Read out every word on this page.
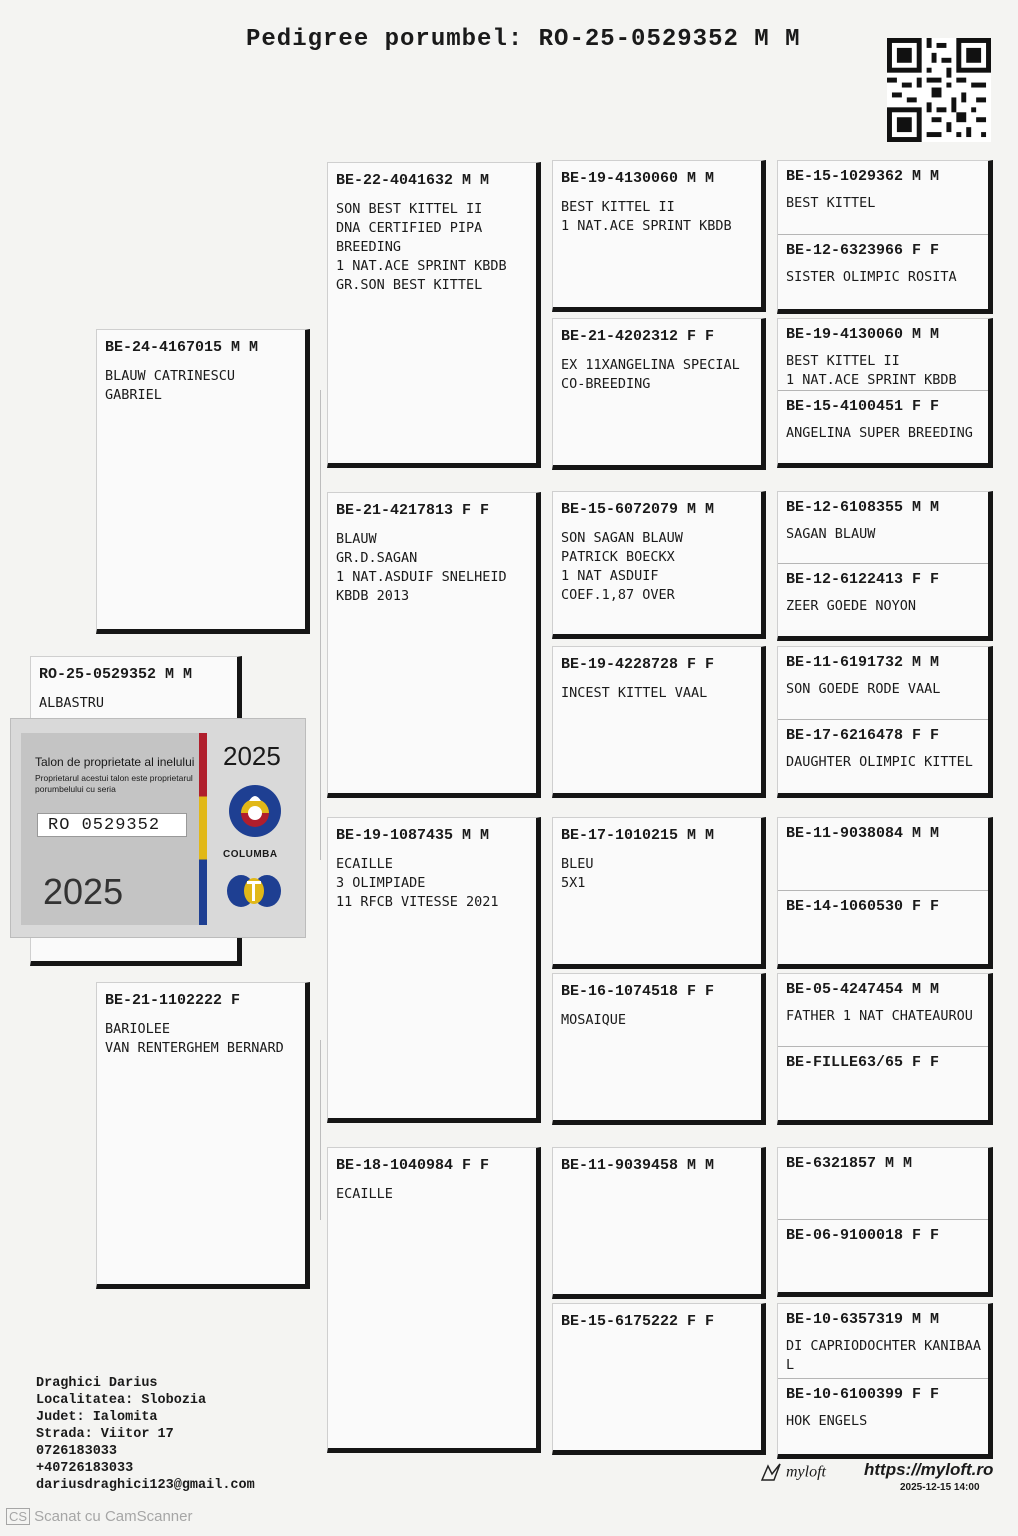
Pedigree porumbel: RO-25-0529352 M M
RO-25-0529352 M M
ALBASTRU
Talon de proprietate al inelului
Proprietarul acestui talon este proprietarul porumbelului cu seria
RO 0529352
2025
2025
COLUMBA
BE-24-4167015 M M
BLAUW CATRINESCU GABRIEL
BE-21-1102222 F
BARIOLEE
VAN RENTERGHEM BERNARD
BE-22-4041632 M M
SON BEST KITTEL II
DNA CERTIFIED PIPA
BREEDING
1 NAT.ACE SPRINT KBDB
GR.SON BEST KITTEL
BE-21-4217813 F F
BLAUW
GR.D.SAGAN
1 NAT.ASDUIF SNELHEID
KBDB 2013
BE-19-1087435 M M
ECAILLE
3 OLIMPIADE
11 RFCB VITESSE 2021
BE-18-1040984 F F
ECAILLE
BE-19-4130060 M M
BEST KITTEL II
1 NAT.ACE SPRINT KBDB
BE-21-4202312 F F
EX 11XANGELINA SPECIAL
CO-BREEDING
BE-15-6072079 M M
SON SAGAN BLAUW
PATRICK BOECKX
1 NAT ASDUIF
COEF.1,87 OVER
BE-19-4228728 F F
INCEST KITTEL VAAL
BE-17-1010215 M M
BLEU
5X1
BE-16-1074518 F F
MOSAIQUE
BE-11-9039458 M M
BE-15-6175222 F F
BE-15-1029362 M M
BEST KITTEL
BE-12-6323966 F F
SISTER OLIMPIC ROSITA
BE-19-4130060 M M
BEST KITTEL II
1 NAT.ACE SPRINT KBDB
BE-15-4100451 F F
ANGELINA SUPER BREEDING
BE-12-6108355 M M
SAGAN BLAUW
BE-12-6122413 F F
ZEER GOEDE NOYON
BE-11-6191732 M M
SON GOEDE RODE VAAL
BE-17-6216478 F F
DAUGHTER OLIMPIC KITTEL
BE-11-9038084 M M
BE-14-1060530 F F
BE-05-4247454 M M
FATHER 1 NAT CHATEAUROU
BE-FILLE63/65 F F
BE-6321857 M M
BE-06-9100018 F F
BE-10-6357319 M M
DI CAPRIODOCHTER KANIBAA
L
BE-10-6100399 F F
HOK ENGELS
Draghici Darius
Localitatea: Slobozia
Judet: Ialomita
Strada: Viitor 17
0726183033
+40726183033
dariusdraghici123@gmail.com
myloft https://myloft.ro
2025-12-15 14:00
CS Scanat cu CamScanner
